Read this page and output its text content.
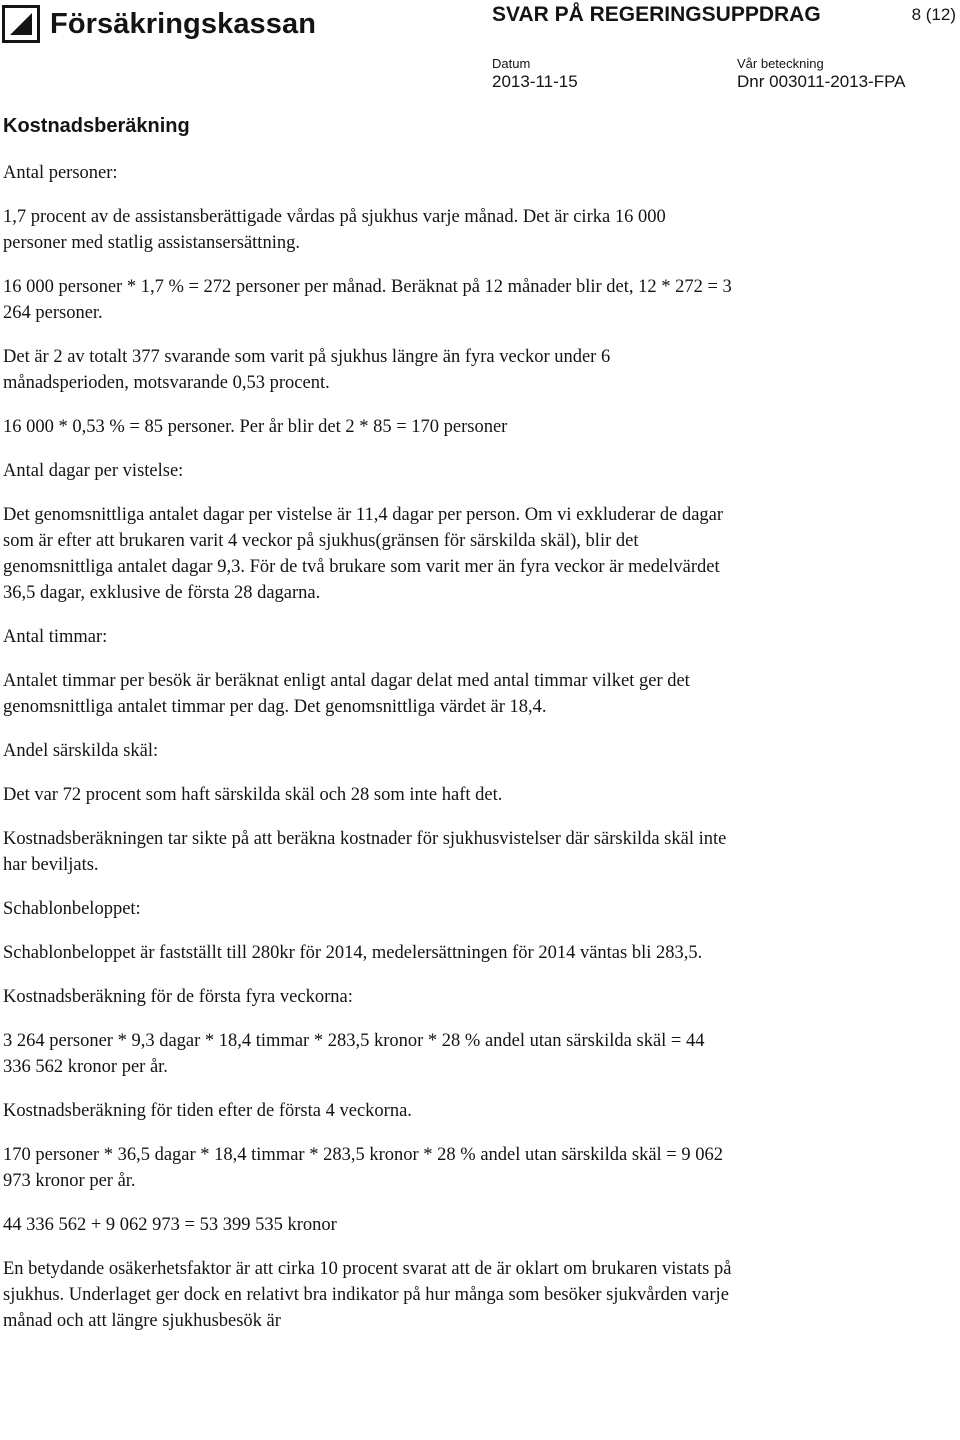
Försäkringskassan	SVAR PÅ REGERINGSUPPDRAG	8 (12)
Datum
2013-11-15
Vår beteckning
Dnr 003011-2013-FPA
Kostnadsberäkning

Antal personer:

1,7 procent av de assistansberättigade vårdas på sjukhus varje månad. Det är cirka 16 000 personer med statlig assistansersättning.

16 000 personer * 1,7 % = 272 personer per månad. Beräknat på 12 månader blir det, 12 * 272 = 3 264 personer.

Det är 2 av totalt 377 svarande som varit på sjukhus längre än fyra veckor under 6 månadsperioden, motsvarande 0,53 procent.

16 000 * 0,53 % = 85 personer. Per år blir det 2 * 85 = 170 personer

Antal dagar per vistelse:

Det genomsnittliga antalet dagar per vistelse är 11,4 dagar per person. Om vi exkluderar de dagar som är efter att brukaren varit 4 veckor på sjukhus(gränsen för särskilda skäl), blir det genomsnittliga antalet dagar 9,3. För de två brukare som varit mer än fyra veckor är medelvärdet 36,5 dagar, exklusive de första 28 dagarna.

Antal timmar:

Antalet timmar per besök är beräknat enligt antal dagar delat med antal timmar vilket ger det genomsnittliga antalet timmar per dag. Det genomsnittliga värdet är 18,4.

Andel särskilda skäl:

Det var 72 procent som haft särskilda skäl och 28 som inte haft det.

Kostnadsberäkningen tar sikte på att beräkna kostnader för sjukhusvistelser där särskilda skäl inte har beviljats.

Schablonbeloppet:

Schablonbeloppet är fastställt till 280kr för 2014, medelersättningen för 2014 väntas bli 283,5.

Kostnadsberäkning för de första fyra veckorna:

3 264 personer * 9,3 dagar * 18,4 timmar * 283,5 kronor * 28 % andel utan särskilda skäl = 44 336 562 kronor per år.

Kostnadsberäkning för tiden efter de första 4 veckorna.

170 personer * 36,5 dagar * 18,4 timmar * 283,5 kronor * 28 % andel utan särskilda skäl = 9 062 973 kronor per år.

44 336 562 + 9 062 973 = 53 399 535 kronor

En betydande osäkerhetsfaktor är att cirka 10 procent svarat att de är oklart om brukaren vistats på sjukhus. Underlaget ger dock en relativt bra indikator på hur många som besöker sjukvården varje månad och att längre sjukhusbesök är
